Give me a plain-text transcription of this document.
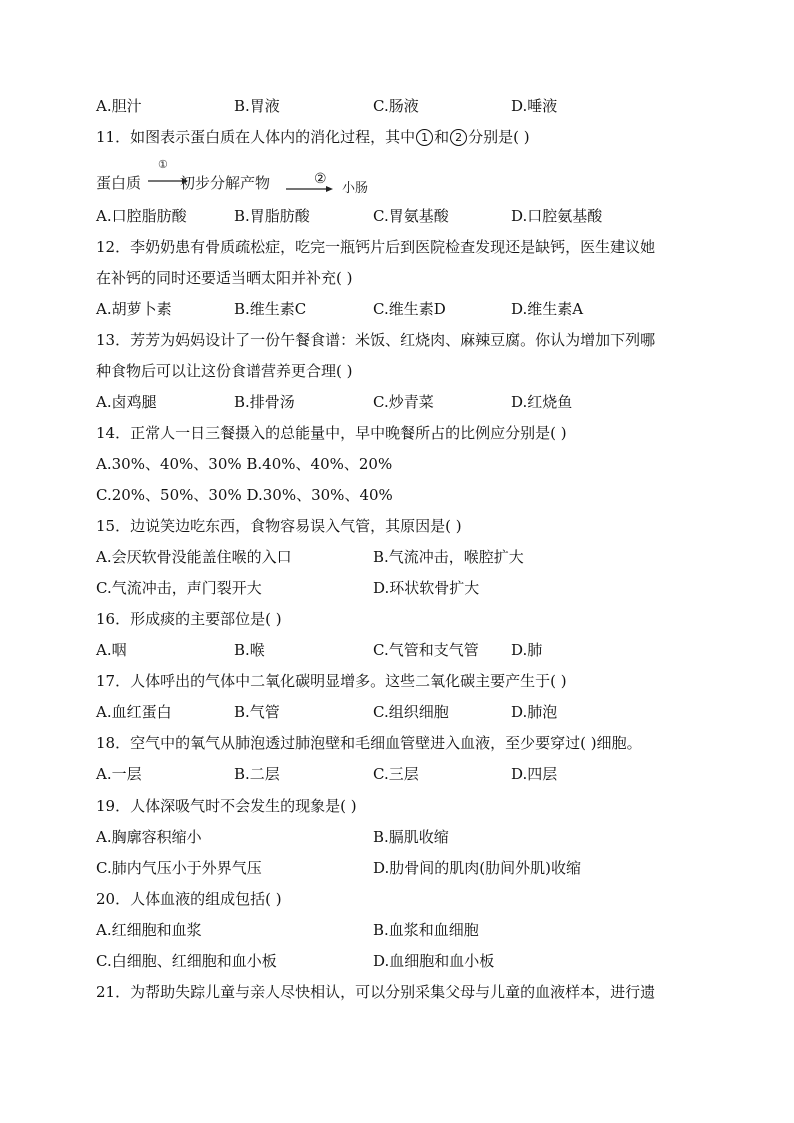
A.胆汁	B.胃液	C.肠液	D.唾液
11．如图表示蛋白质在人体内的消化过程，其中 1 和 2 分别是( )
蛋白质
①
初步分解产物	②
小肠
A.口腔脂肪酸	B.胃脂肪酸	C.胃氨基酸	D.口腔氨基酸
12．李奶奶患有骨质疏松症，吃完一瓶钙片后到医院检查发现还是缺钙，医生建议她
在补钙的同时还要适当晒太阳并补充( )
A.胡萝卜素	B.维生素C	C.维生素D	D.维生素A
13．芳芳为妈妈设计了一份午餐食谱：米饭、红烧肉、麻辣豆腐。你认为增加下列哪
种食物后可以让这份食谱营养更合理( )
A.卤鸡腿	B.排骨汤	C.炒青菜	D.红烧鱼
14．正常人一日三餐摄入的总能量中，早中晚餐所占的比例应分别是( )
A.30%、40%、30% B.40%、40%、20%
C.20%、50%、30% D.30%、30%、40%
15．边说笑边吃东西，食物容易误入气管，其原因是( )
A.会厌软骨没能盖住喉的入口	B.气流冲击，喉腔扩大
C.气流冲击，声门裂开大	D.环状软骨扩大
16．形成痰的主要部位是( )
A.咽	B.喉	C.气管和支气管 D.肺
17．人体呼出的气体中二氧化碳明显增多。这些二氧化碳主要产生于( )
A.血红蛋白	B.气管	C.组织细胞	D.肺泡
18．空气中的氧气从肺泡透过肺泡壁和毛细血管壁进入血液，至少要穿过( )细胞。
A.一层	B.二层	C.三层	D.四层
19．人体深吸气时不会发生的现象是( )
A.胸廓容积缩小	B.膈肌收缩
C.肺内气压小于外界气压	D.肋骨间的肌肉(肋间外肌)收缩
20．人体血液的组成包括( )
A.红细胞和血浆	B.血浆和血细胞
C.白细胞、红细胞和血小板	D.血细胞和血小板
21．为帮助失踪儿童与亲人尽快相认，可以分别采集父母与儿童的血液样本，进行遗
